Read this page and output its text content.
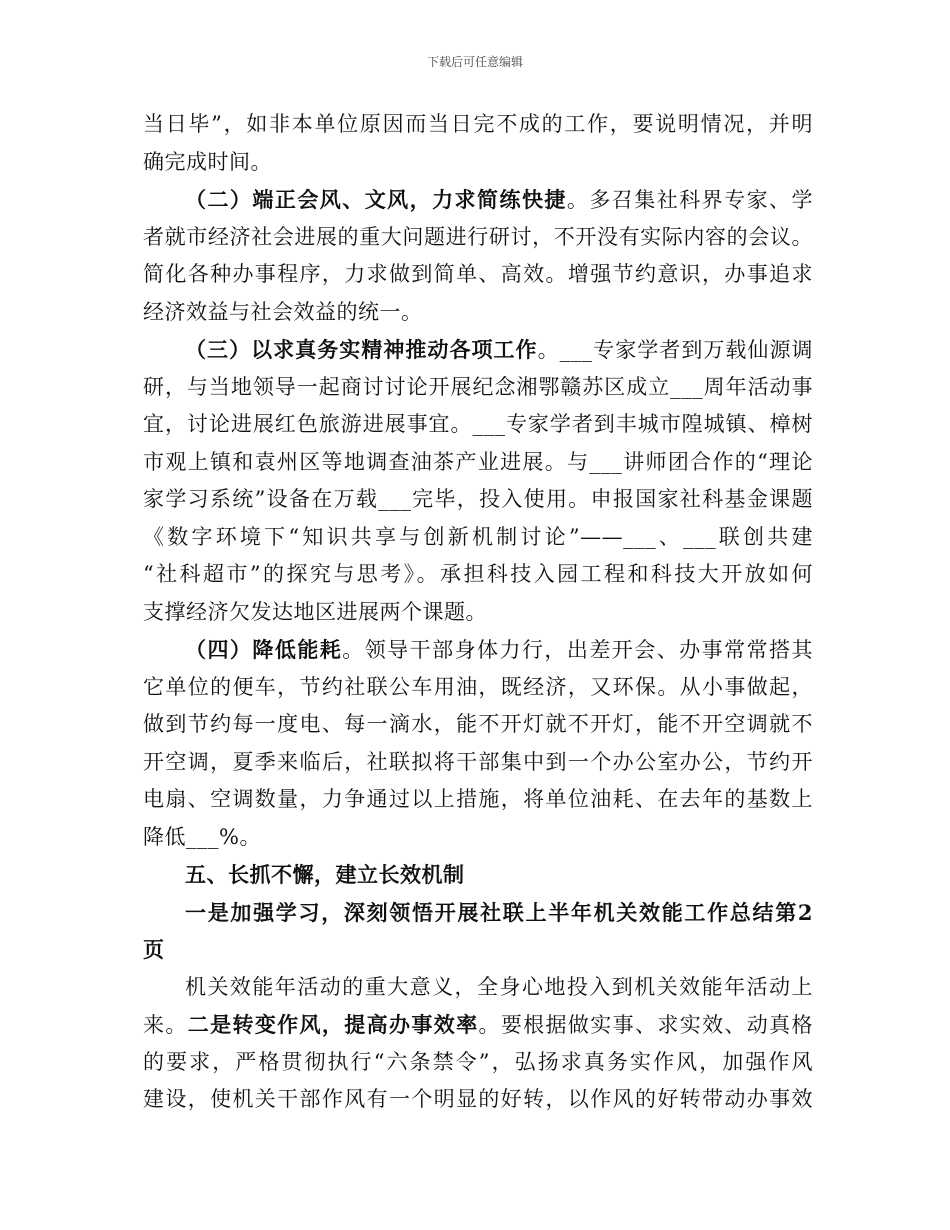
下载后可任意编辑
当日毕”，如非本单位原因而当日完不成的工作，要说明情况，并明
确完成时间。
（二）端正会风、文风，力求简练快捷。多召集社科界专家、学
者就市经济社会进展的重大问题进行研讨，不开没有实际内容的会议。
简化各种办事程序，力求做到简单、高效。增强节约意识，办事追求
经济效益与社会效益的统一。
（三）以求真务实精神推动各项工作。___专家学者到万载仙源调
研，与当地领导一起商讨讨论开展纪念湘鄂赣苏区成立___周年活动事
宜，讨论进展红色旅游进展事宜。___专家学者到丰城市隍城镇、樟树
市观上镇和袁州区等地调查油茶产业进展。与___讲师团合作的“理论
家学习系统”设备在万载___完毕，投入使用。申报国家社科基金课题
《数字环境下“知识共享与创新机制讨论”——___、___联创共建
“社科超市”的探究与思考》。承担科技入园工程和科技大开放如何
支撑经济欠发达地区进展两个课题。
（四）降低能耗。领导干部身体力行，出差开会、办事常常搭其
它单位的便车，节约社联公车用油，既经济，又环保。从小事做起，
做到节约每一度电、每一滴水，能不开灯就不开灯，能不开空调就不
开空调，夏季来临后，社联拟将干部集中到一个办公室办公，节约开
电扇、空调数量，力争通过以上措施，将单位油耗、在去年的基数上
降低___%。
五、长抓不懈，建立长效机制
一是加强学习，深刻领悟开展社联上半年机关效能工作总结第2
页
机关效能年活动的重大意义，全身心地投入到机关效能年活动上
来。二是转变作风，提高办事效率。要根据做实事、求实效、动真格
的要求，严格贯彻执行“六条禁令”，弘扬求真务实作风，加强作风
建设，使机关干部作风有一个明显的好转，以作风的好转带动办事效
